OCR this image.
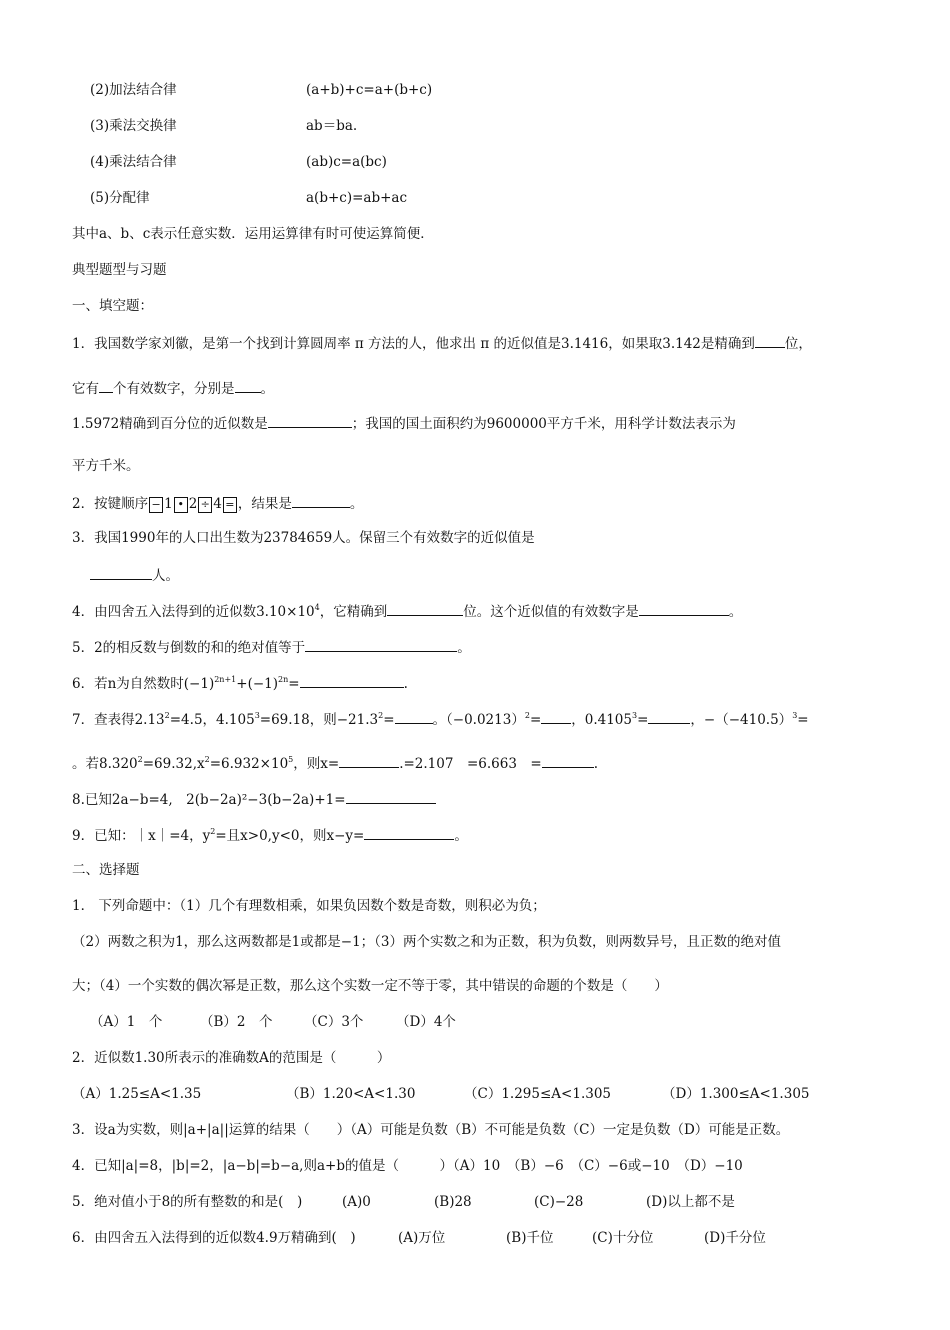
(2)加法结合律	(a+b)+c=a+(b+c)
(3)乘法交换律	ab＝ba.
(4)乘法结合律	(ab)c=a(bc)
(5)分配律	a(b+c)=ab+ac
其中a、b、c表示任意实数．运用运算律有时可使运算简便．
典型题型与习题
一、填空题：
1．我国数学家刘徽，是第一个找到计算圆周率 π 方法的人，他求出 π 的近似值是3.1416，如果取3.142是精确到 位，
它有 个有效数字，分别是 。
1.5972精确到百分位的近似数是	；我国的国土面积约为9600000平方千米，用科学计数法表示为
平方千米。
2．按键顺序 − 1 • 2 ÷ 4 = ，结果是	。
3．我国1990年的人口出生数为23784659人。保留三个有效数字的近似值是
人。
4．由四舍五入法得到的近似数$3.10\times 10^4$，它精确到	位。这个近似值的有效数字是	。
5．2的相反数与倒数的和的绝对值等于	。
6．若n为自然数时$(-1)^{2n+1}+(-1)^{2n}=$	.
7．查表得$2.13^2=4.5$，$4.105^3=69.18$，则$-21.3^2=$	。$(-0.0213)^2=$ ，$0.4105^3=$	，$-(-410.5)^3=$
。若$8.320^2=69.32,x^2=6.932\times 10^5$，则x=	.=2.107　=6.663　=	.
8.已知2a−b=4,　2(b−2a)²−3(b−2a)+1=
9．已知：｜x｜=4，$y^2=$且x>0,y<0，则x−y=	。
二、选择题
1． 下列命题中：（1）几个有理数相乘，如果负因数个数是奇数，则积必为负；
（2）两数之积为1，那么这两数都是1或都是−1；（3）两个实数之和为正数，积为负数，则两数异号，且正数的绝对值
大；（4）一个实数的偶次幂是正数，那么这个实数一定不等于零，其中错误的命题的个数是（　　）
（A）1　个	（B）2　个 （C）3个 （D）4个
2．近似数1.30所表示的准确数A的范围是（　　　）
（A）1.25≤A<1.35	（B）1.20<A<1.30	（C）1.295≤A<1.305	（D）1.300≤A<1.305
3．设a为实数，则|a+|a||运算的结果（　　）（A）可能是负数（B）不可能是负数（C）一定是负数（D）可能是正数。
4．已知|a|=8，|b|=2，|a−b|=b−a,则a+b的值是（　　　）（A）10　（B）−6　（C）−6或−10　（D）−10
5．绝对值小于8的所有整数的和是(　)	(A)0	(B)28	(C)−28	(D)以上都不是
6．由四舍五入法得到的近似数4.9万精确到(　)	(A)万位	(B)千位	(C)十分位	(D)千分位
